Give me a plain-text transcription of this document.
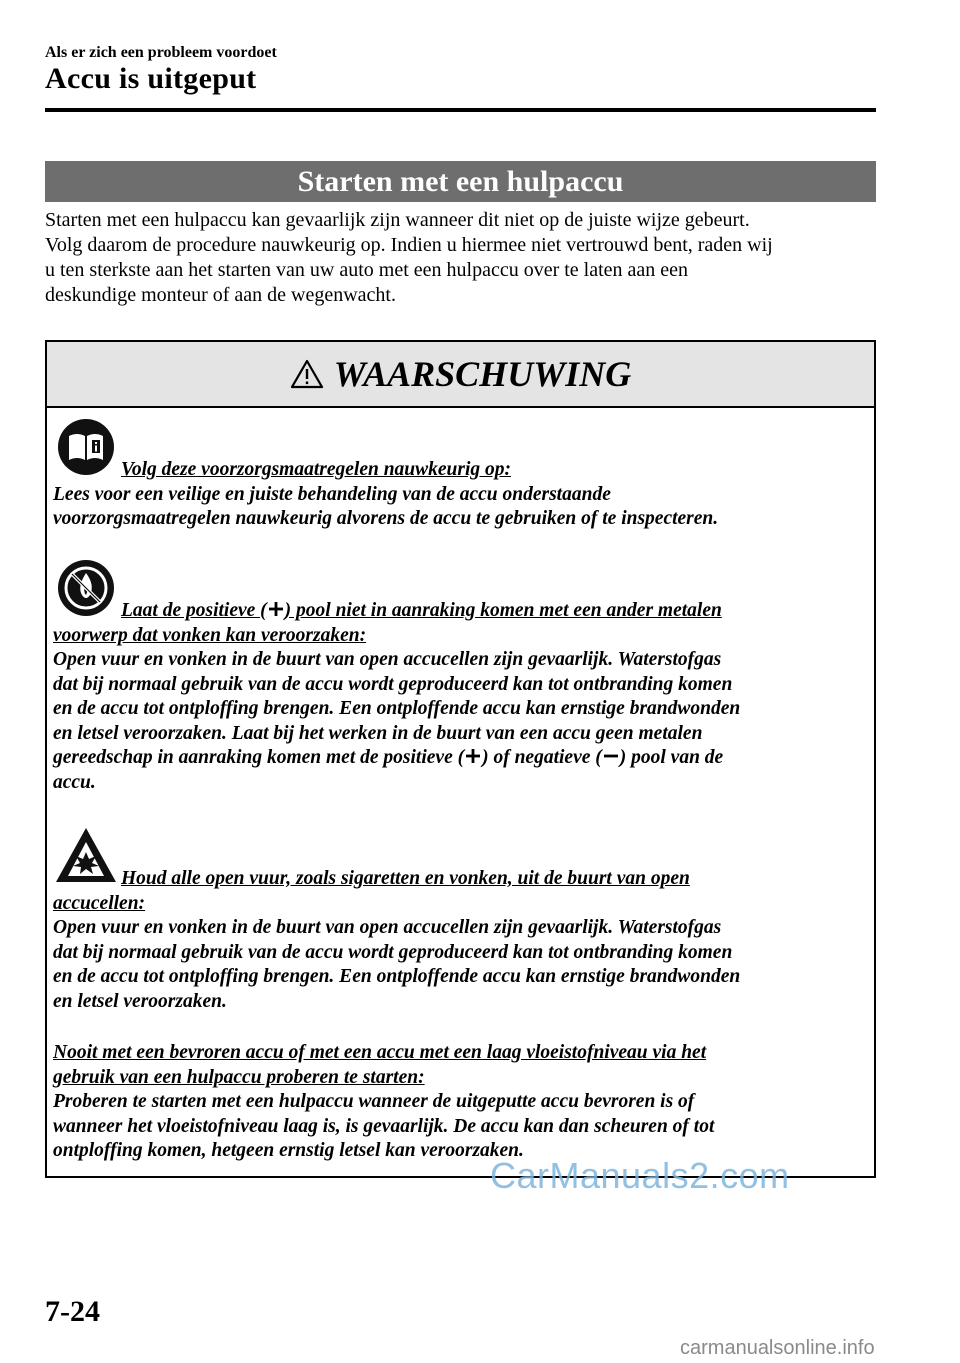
Als er zich een probleem voordoet
Accu is uitgeput
Starten met een hulpaccu
Starten met een hulpaccu kan gevaarlijk zijn wanneer dit niet op de juiste wijze gebeurt.
Volg daarom de procedure nauwkeurig op. Indien u hiermee niet vertrouwd bent, raden wij
u ten sterkste aan het starten van uw auto met een hulpaccu over te laten aan een
deskundige monteur of aan de wegenwacht.
WAARSCHUWING
Volg deze voorzorgsmaatregelen nauwkeurig op:
Lees voor een veilige en juiste behandeling van de accu onderstaande
voorzorgsmaatregelen nauwkeurig alvorens de accu te gebruiken of te inspecteren.
Laat de positieve ( ) pool niet in aanraking komen met een ander metalen
voorwerp dat vonken kan veroorzaken:
Open vuur en vonken in de buurt van open accucellen zijn gevaarlijk. Waterstofgas
dat bij normaal gebruik van de accu wordt geproduceerd kan tot ontbranding komen
en de accu tot ontploffing brengen. Een ontploffende accu kan ernstige brandwonden
en letsel veroorzaken. Laat bij het werken in de buurt van een accu geen metalen
gereedschap in aanraking komen met de positieve ( ) of negatieve ( ) pool van de
accu.
Houd alle open vuur, zoals sigaretten en vonken, uit de buurt van open
accucellen:
Open vuur en vonken in de buurt van open accucellen zijn gevaarlijk. Waterstofgas
dat bij normaal gebruik van de accu wordt geproduceerd kan tot ontbranding komen
en de accu tot ontploffing brengen. Een ontploffende accu kan ernstige brandwonden
en letsel veroorzaken.
Nooit met een bevroren accu of met een accu met een laag vloeistofniveau via het
gebruik van een hulpaccu proberen te starten:
Proberen te starten met een hulpaccu wanneer de uitgeputte accu bevroren is of
wanneer het vloeistofniveau laag is, is gevaarlijk. De accu kan dan scheuren of tot
ontploffing komen, hetgeen ernstig letsel kan veroorzaken.
CarManuals2.com
7-24
carmanualsonline.info
